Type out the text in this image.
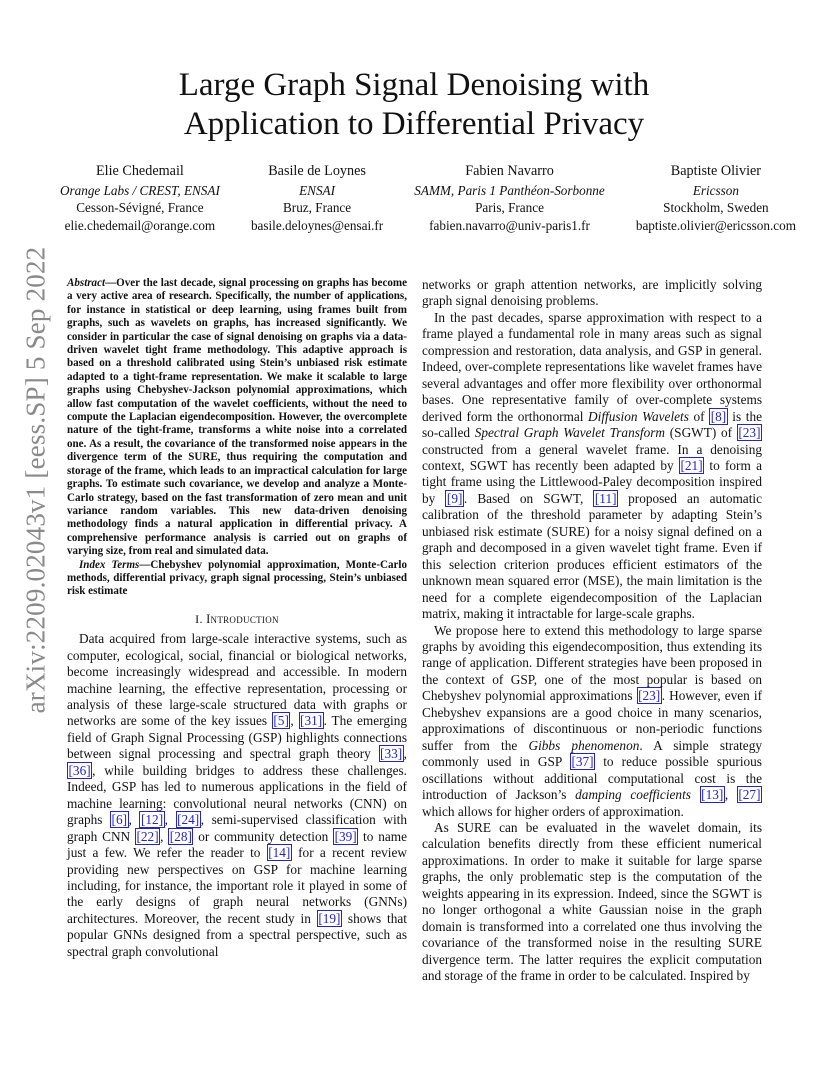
arXiv:2209.02043v1 [eess.SP] 5 Sep 2022
Large Graph Signal Denoising with
Application to Differential Privacy
Elie Chedemail
Orange Labs / CREST, ENSAI
Cesson-Sévigné, France
elie.chedemail@orange.com
Basile de Loynes
ENSAI
Bruz, France
basile.deloynes@ensai.fr
Fabien Navarro
SAMM, Paris 1 Panthéon-Sorbonne
Paris, France
fabien.navarro@univ-paris1.fr
Baptiste Olivier
Ericsson
Stockholm, Sweden
baptiste.olivier@ericsson.com

Abstract—Over the last decade, signal processing on graphs has become a very active area of research. Specifically, the number of applications, for instance in statistical or deep learning, using frames built from graphs, such as wavelets on graphs, has increased significantly. We consider in particular the case of signal denoising on graphs via a data-driven wavelet tight frame methodology. This adaptive approach is based on a threshold calibrated using Stein’s unbiased risk estimate adapted to a tight-frame representation. We make it scalable to large graphs using Chebyshev-Jackson polynomial approximations, which allow fast computation of the wavelet coefficients, without the need to compute the Laplacian eigendecomposition. However, the overcomplete nature of the tight-frame, transforms a white noise into a correlated one. As a result, the covariance of the transformed noise appears in the divergence term of the SURE, thus requiring the computation and storage of the frame, which leads to an impractical calculation for large graphs. To estimate such covariance, we develop and analyze a Monte-Carlo strategy, based on the fast transformation of zero mean and unit variance random variables. This new data-driven denoising methodology finds a natural application in differential privacy. A comprehensive performance analysis is carried out on graphs of varying size, from real and simulated data.

Index Terms—Chebyshev polynomial approximation, Monte-Carlo methods, differential privacy, graph signal processing, Stein’s unbiased risk estimate

I. Introduction

Data acquired from large-scale interactive systems, such as computer, ecological, social, financial or biological networks, become increasingly widespread and accessible. In modern machine learning, the effective representation, processing or analysis of these large-scale structured data with graphs or networks are some of the key issues [5] , [31] . The emerging field of Graph Signal Processing (GSP) highlights connections between signal processing and spectral graph theory [33] , [36] , while building bridges to address these challenges. Indeed, GSP has led to numerous applications in the field of machine learning: convolutional neural networks (CNN) on graphs [6] , [12] , [24] , semi-supervised classification with graph CNN [22] , [28] or community detection [39] to name just a few. We refer the reader to [14] for a recent review providing new perspectives on GSP for machine learning including, for instance, the important role it played in some of the early designs of graph neural networks (GNNs) architectures. Moreover, the recent study in [19] shows that popular GNNs designed from a spectral perspective, such as spectral graph convolutional

networks or graph attention networks, are implicitly solving graph signal denoising problems.

In the past decades, sparse approximation with respect to a frame played a fundamental role in many areas such as signal compression and restoration, data analysis, and GSP in general. Indeed, over-complete representations like wavelet frames have several advantages and offer more flexibility over orthonormal bases. One representative family of over-complete systems derived form the orthonormal Diffusion Wavelets of [8] is the so-called Spectral Graph Wavelet Transform (SGWT) of [23] constructed from a general wavelet frame. In a denoising context, SGWT has recently been adapted by [21] to form a tight frame using the Littlewood-Paley decomposition inspired by [9] . Based on SGWT, [11] proposed an automatic calibration of the threshold parameter by adapting Stein’s unbiased risk estimate (SURE) for a noisy signal defined on a graph and decomposed in a given wavelet tight frame. Even if this selection criterion produces efficient estimators of the unknown mean squared error (MSE), the main limitation is the need for a complete eigendecomposition of the Laplacian matrix, making it intractable for large-scale graphs.

We propose here to extend this methodology to large sparse graphs by avoiding this eigendecomposition, thus extending its range of application. Different strategies have been proposed in the context of GSP, one of the most popular is based on Chebyshev polynomial approximations [23] . However, even if Chebyshev expansions are a good choice in many scenarios, approximations of discontinuous or non-periodic functions suffer from the Gibbs phenomenon. A simple strategy commonly used in GSP [37] to reduce possible spurious oscillations without additional computational cost is the introduction of Jackson’s damping coefficients [13] , [27] which allows for higher orders of approximation.

As SURE can be evaluated in the wavelet domain, its calculation benefits directly from these efficient numerical approximations. In order to make it suitable for large sparse graphs, the only problematic step is the computation of the weights appearing in its expression. Indeed, since the SGWT is no longer orthogonal a white Gaussian noise in the graph domain is transformed into a correlated one thus involving the covariance of the transformed noise in the resulting SURE divergence term. The latter requires the explicit computation and storage of the frame in order to be calculated. Inspired by
